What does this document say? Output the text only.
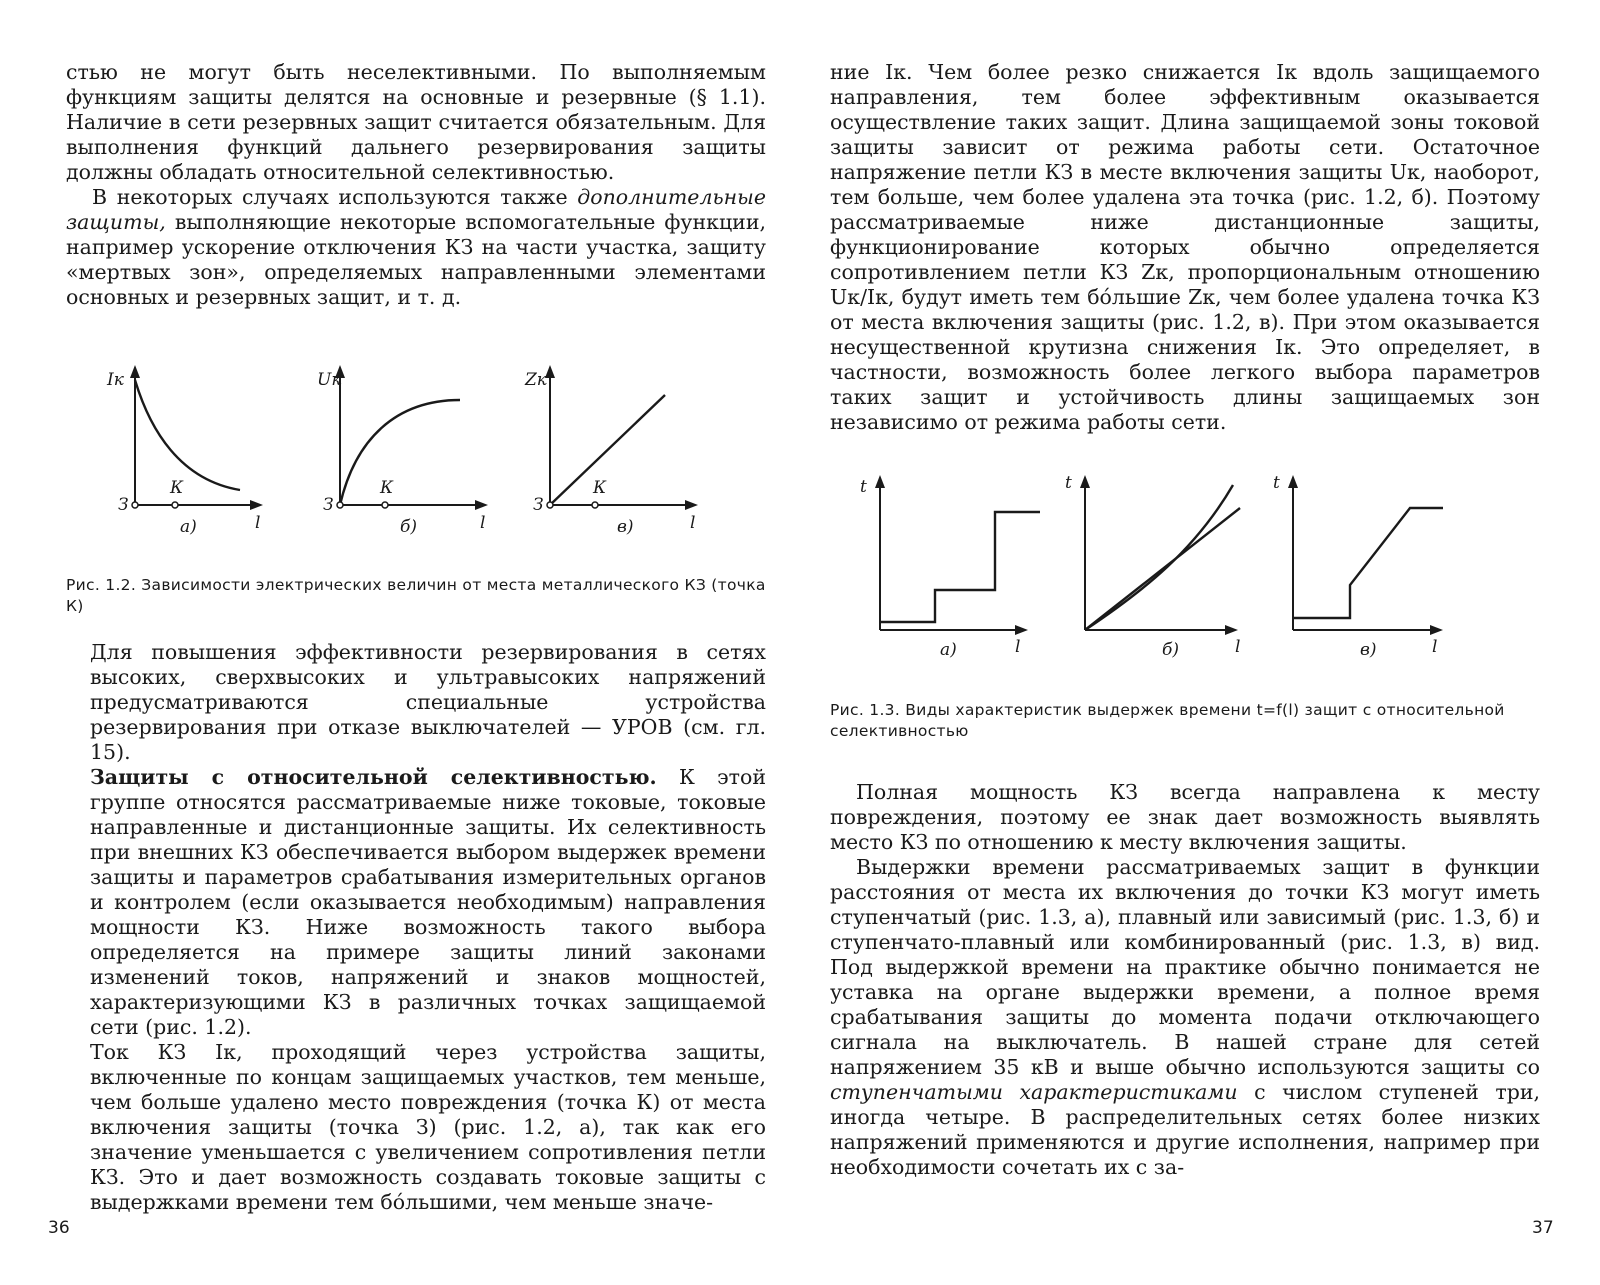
стью не могут быть неселективными. По выполняемым функциям защиты делятся на основные и резервные (§ 1.1). Наличие в сети резервных защит считается обязательным. Для выполнения функций дальнего резервирования защиты должны обладать относительной селективностью.

В некоторых случаях используются также дополнительные защиты, выполняющие некоторые вспомогательные функции, например ускорение отключения КЗ на части участка, защиту «мертвых зон», определяемых направленными элементами основных и резервных защит, и т. д.

Iк
З
К
l
а)
Uк
З
К
l
б)
Zк
З
К
l
в)
Рис. 1.2. Зависимости электрических величин от места металлического КЗ (точка К)

Для повышения эффективности резервирования в сетях высоких, сверхвысоких и ультравысоких напряжений предусматриваются специальные устройства резервирования при отказе выключателей — УРОВ (см. гл. 15).

Защиты с относительной селективностью. К этой группе относятся рассматриваемые ниже токовые, токовые направленные и дистанционные защиты. Их селективность при внешних КЗ обеспечивается выбором выдержек времени защиты и параметров срабатывания измерительных органов и контролем (если оказывается необходимым) направления мощности КЗ. Ниже возможность такого выбора определяется на примере защиты линий законами изменений токов, напряжений и знаков мощностей, характеризующими КЗ в различных точках защищаемой сети (рис. 1.2).

Ток КЗ Iк, проходящий через устройства защиты, включенные по концам защищаемых участков, тем меньше, чем больше удалено место повреждения (точка К) от места включения защиты (точка З) (рис. 1.2, а), так как его значение уменьшается с увеличением сопротивления петли КЗ. Это и дает возможность создавать токовые защиты с выдержками времени тем бо́льшими, чем меньше значе-

36

ние Iк. Чем более резко снижается Iк вдоль защищаемого направления, тем более эффективным оказывается осуществление таких защит. Длина защищаемой зоны токовой защиты зависит от режима работы сети. Остаточное напряжение петли КЗ в месте включения защиты Uк, наоборот, тем больше, чем более удалена эта точка (рис. 1.2, б). Поэтому рассматриваемые ниже дистанционные защиты, функционирование которых обычно определяется сопротивлением петли КЗ Zк, пропорциональным отношению Uк/Iк, будут иметь тем бо́льшие Zк, чем более удалена точка КЗ от места включения защиты (рис. 1.2, в). При этом оказывается несущественной крутизна снижения Iк. Это определяет, в частности, возможность более легкого выбора параметров таких защит и устойчивость длины защищаемых зон независимо от режима работы сети.

t
l
а)
t
l
б)
t
l
в)
Рис. 1.3. Виды характеристик выдержек времени t=f(l) защит с относительной селективностью

Полная мощность КЗ всегда направлена к месту повреждения, поэтому ее знак дает возможность выявлять место КЗ по отношению к месту включения защиты.

Выдержки времени рассматриваемых защит в функции расстояния от места их включения до точки КЗ могут иметь ступенчатый (рис. 1.3, а), плавный или зависимый (рис. 1.3, б) и ступенчато-плавный или комбинированный (рис. 1.3, в) вид. Под выдержкой времени на практике обычно понимается не уставка на органе выдержки времени, а полное время срабатывания защиты до момента подачи отключающего сигнала на выключатель. В нашей стране для сетей напряжением 35 кВ и выше обычно используются защиты со ступенчатыми характеристиками с числом ступеней три, иногда четыре. В распределительных сетях более низких напряжений применяются и другие исполнения, например при необходимости сочетать их с за-

37
